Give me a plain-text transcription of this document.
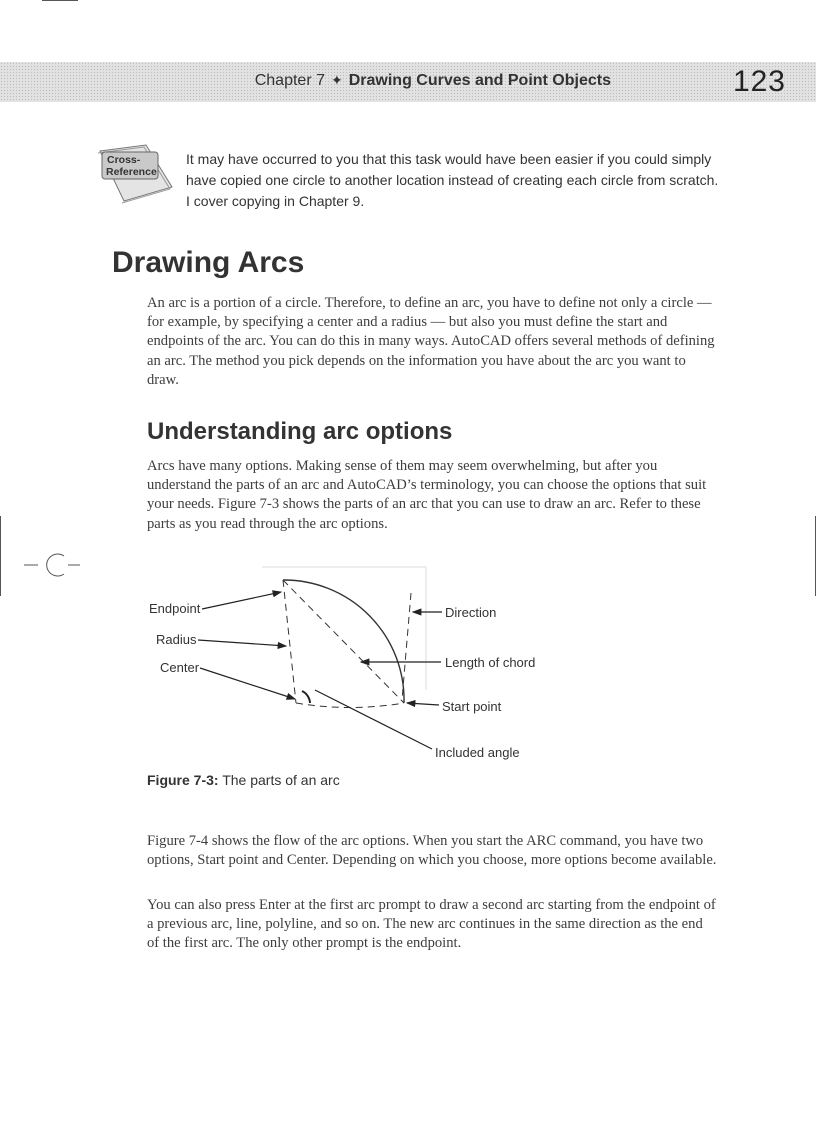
Chapter 7 ✦ Drawing Curves and Point Objects	123
Cross-
Reference
It may have occurred to you that this task would have been easier if you could simply have copied one circle to another location instead of creating each circle from scratch. I cover copying in Chapter 9.
Drawing Arcs

An arc is a portion of a circle. Therefore, to define an arc, you have to define not only a circle — for example, by specifying a center and a radius — but also you must define the start and endpoints of the arc. You can do this in many ways. AutoCAD offers several methods of defining an arc. The method you pick depends on the information you have about the arc you want to draw.

Understanding arc options

Arcs have many options. Making sense of them may seem overwhelming, but after you understand the parts of an arc and AutoCAD’s terminology, you can choose the options that suit your needs. Figure 7-3 shows the parts of an arc that you can use to draw an arc. Refer to these parts as you read through the arc options.

Endpoint
Radius
Center
Direction
Length of chord
Start point
Included angle
Figure 7-3: The parts of an arc

Figure 7-4 shows the flow of the arc options. When you start the ARC command, you have two options, Start point and Center. Depending on which you choose, more options become available.

You can also press Enter at the first arc prompt to draw a second arc starting from the endpoint of a previous arc, line, polyline, and so on. The new arc continues in the same direction as the end of the first arc. The only other prompt is the endpoint.
